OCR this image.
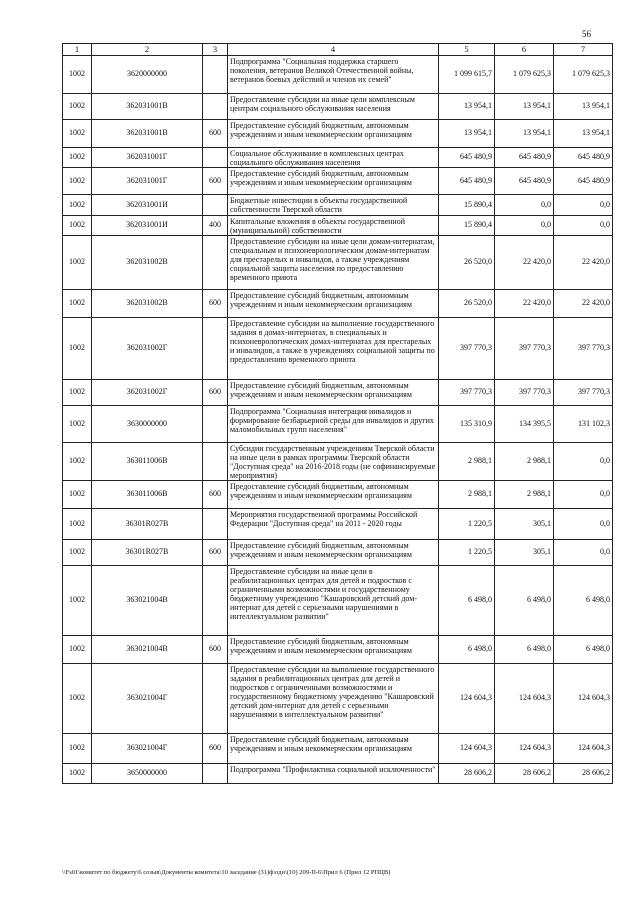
56
1	2	3	4	5	6	7
1002	3620000000		Подпрограмма "Социальная поддержка старшего поколения, ветеранов Великой Отечественной войны, ветеранов боевых действий и членов их семей"	1 099 615,7	1 079 625,3	1 079 625,3
1002	362031001В		Предоставление субсидии на иные цели комплексным центрам социального обслуживания населения	13 954,1	13 954,1	13 954,1
1002	362031001В	600	Предоставление субсидий бюджетным, автономным учреждениям и иным некоммерческим организациям	13 954,1	13 954,1	13 954,1
1002	362031001Г		Социальное обслуживание в комплексных центрах социального обслуживания населения	645 480,9	645 480,9	645 480,9
1002	362031001Г	600	Предоставление субсидий бюджетным, автономным учреждениям и иным некоммерческим организациям	645 480,9	645 480,9	645 480,9
1002	362031001И		Бюджетные инвестиции в объекты государственной собственности Тверской области	15 890,4	0,0	0,0
1002	362031001И	400	Капитальные вложения в объекты государственной (муниципальной) собственности	15 890,4	0,0	0,0
1002	362031002В		Предоставление субсидии на иные цели домам-интернатам, специальным и психоневрологическим домам-интернатам для престарелых и инвалидов, а также учреждениям социальной защиты населения по предоставлению временного приюта	26 520,0	22 420,0	22 420,0
1002	362031002В	600	Предоставление субсидий бюджетным, автономным учреждениям и иным некоммерческим организациям	26 520,0	22 420,0	22 420,0
1002	362031002Г		Предоставление субсидии на выполнение государственного задания в домах-интернатах, в специальных и психоневрологических домах-интернатах для престарелых и инвалидов, а также в учреждениях социальной защиты по предоставлению временного приюта	397 770,3	397 770,3	397 770,3
1002	362031002Г	600	Предоставление субсидий бюджетным, автономным учреждениям и иным некоммерческим организациям	397 770,3	397 770,3	397 770,3
1002	3630000000		Подпрограмма "Социальная интеграция инвалидов и формирование безбарьерной среды для инвалидов и других маломобильных групп населения"	135 310,9	134 395,5	131 102,3
1002	363011006В		Субсидии государственным учреждениям Тверской области на иные цели в рамках программы Тверской области "Доступная среда" на 2016-2018 годы (не софинансируемые мероприятия)	2 988,1	2 988,1	0,0
1002	363011006В	600	Предоставление субсидий бюджетным, автономным учреждениям и иным некоммерческим организациям	2 988,1	2 988,1	0,0
1002	36301R027В		Мероприятия государственной программы Российской Федерации "Доступная среда" на 2011 - 2020 годы	1 220,5	305,1	0,0
1002	36301R027В	600	Предоставление субсидий бюджетным, автономным учреждениям и иным некоммерческим организациям	1 220,5	305,1	0,0
1002	363021004В		Предоставление субсидии на иные цели в реабилитационных центрах для детей и подростков с ограниченными возможностями и государственному бюджетному учреждению "Кашаровский детский дом-интернат для детей с серьезными нарушениями в интеллектуальном развитии"	6 498,0	6 498,0	6 498,0
1002	363021004В	600	Предоставление субсидий бюджетным, автономным учреждениям и иным некоммерческим организациям	6 498,0	6 498,0	6 498,0
1002	363021004Г		Предоставление субсидии на выполнение государственного задания в реабилитационных центрах для детей и подростков с ограниченными возможностями и государственному бюджетному учреждению "Кашаровский детский дом-интернат для детей с серьезными нарушениями в интеллектуальном развитии"	124 604,3	124 604,3	124 604,3
1002	363021004Г	600	Предоставление субсидий бюджетным, автономным учреждениям и иным некоммерческим организациям	124 604,3	124 604,3	124 604,3
1002	3650000000		Подпрограмма "Профилактика социальной исключенности"	28 606,2	28 606,2	28 606,2
\\Fs01\комитет по бюджету\6 созыв\Документы комитета\10 заседание (31)ф\одн\(10) 209-П-6\Прил 6 (Прил 12 РПЦВ)
